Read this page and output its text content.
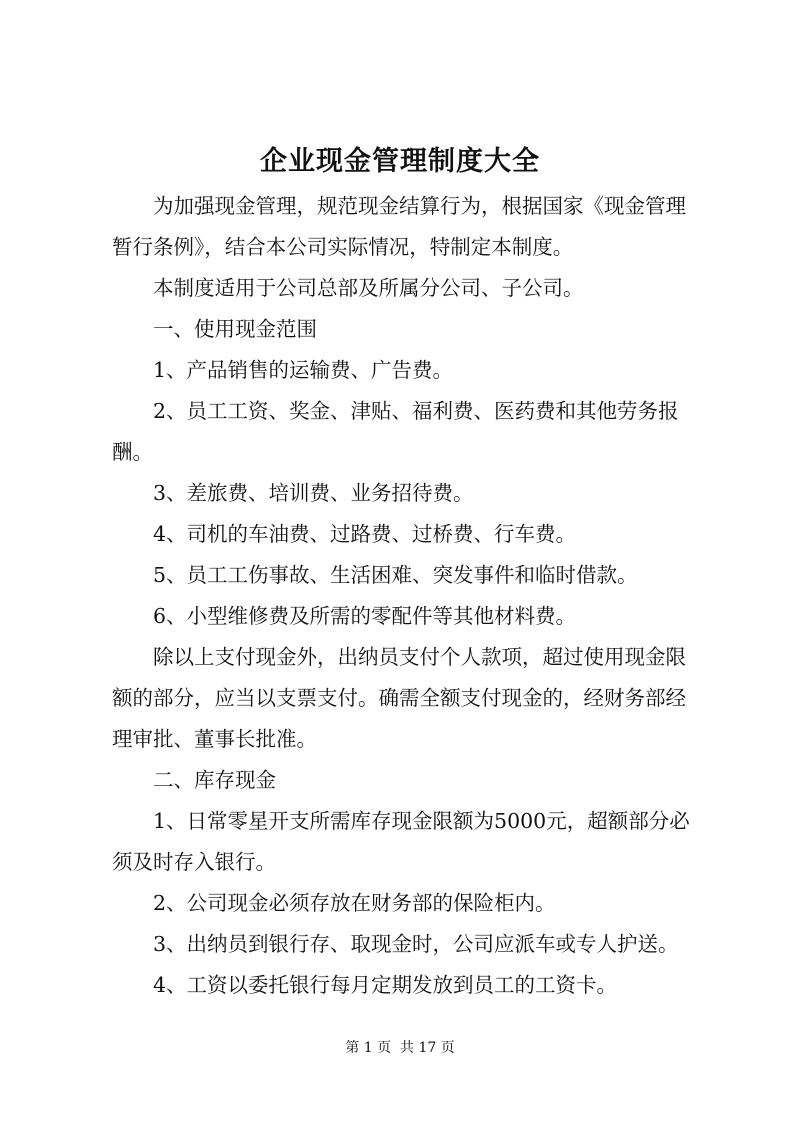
企业现金管理制度大全

为加强现金管理，规范现金结算行为，根据国家《现金管理暂行条例》，结合本公司实际情况，特制定本制度。

本制度适用于公司总部及所属分公司、子公司。

一、使用现金范围

1、产品销售的运输费、广告费。

2、员工工资、奖金、津贴、福利费、医药费和其他劳务报酬。

3、差旅费、培训费、业务招待费。

4、司机的车油费、过路费、过桥费、行车费。

5、员工工伤事故、生活困难、突发事件和临时借款。

6、小型维修费及所需的零配件等其他材料费。

除以上支付现金外，出纳员支付个人款项，超过使用现金限额的部分，应当以支票支付。确需全额支付现金的，经财务部经理审批、董事长批准。

二、库存现金

1、日常零星开支所需库存现金限额为5000元，超额部分必须及时存入银行。

2、公司现金必须存放在财务部的保险柜内。

3、出纳员到银行存、取现金时，公司应派车或专人护送。

4、工资以委托银行每月定期发放到员工的工资卡。

第 1 页  共 17 页
